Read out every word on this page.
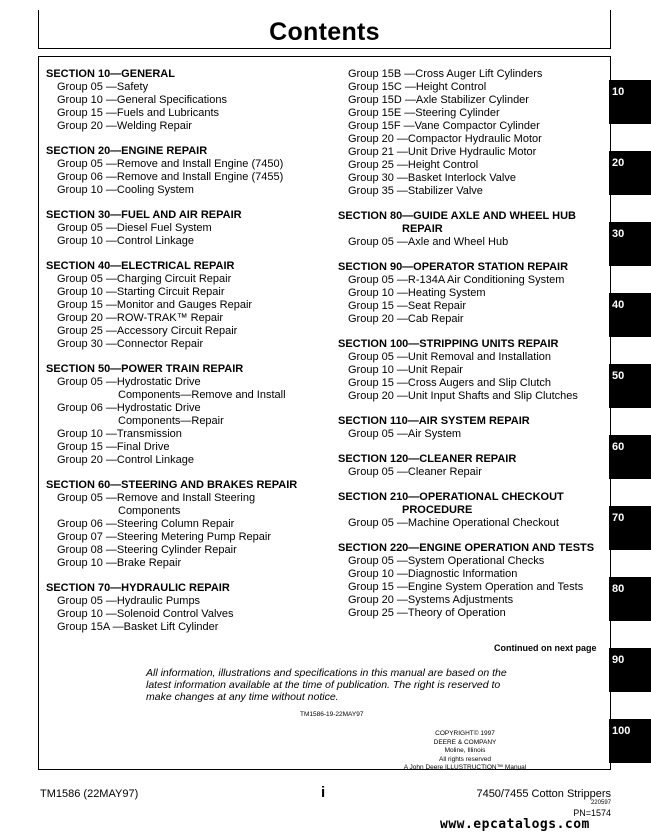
Contents
SECTION 10—GENERAL
Group 05 —Safety
Group 10 —General Specifications
Group 15 —Fuels and Lubricants
Group 20 —Welding Repair
SECTION 20—ENGINE REPAIR
Group 05 —Remove and Install Engine (7450)
Group 06 —Remove and Install Engine (7455)
Group 10 —Cooling System
SECTION 30—FUEL AND AIR REPAIR
Group 05 —Diesel Fuel System
Group 10 —Control Linkage
SECTION 40—ELECTRICAL REPAIR
Group 05 —Charging Circuit Repair
Group 10 —Starting Circuit Repair
Group 15 —Monitor and Gauges Repair
Group 20 —ROW-TRAK™ Repair
Group 25 —Accessory Circuit Repair
Group 30 —Connector Repair
SECTION 50—POWER TRAIN REPAIR
Group 05 —Hydrostatic Drive
Components—Remove and Install
Group 06 —Hydrostatic Drive
Components—Repair
Group 10 —Transmission
Group 15 —Final Drive
Group 20 —Control Linkage
SECTION 60—STEERING AND BRAKES REPAIR
Group 05 —Remove and Install Steering
Components
Group 06 —Steering Column Repair
Group 07 —Steering Metering Pump Repair
Group 08 —Steering Cylinder Repair
Group 10 —Brake Repair
SECTION 70—HYDRAULIC REPAIR
Group 05 —Hydraulic Pumps
Group 10 —Solenoid Control Valves
Group 15A —Basket Lift Cylinder
Group 15B —Cross Auger Lift Cylinders
Group 15C —Height Control
Group 15D —Axle Stabilizer Cylinder
Group 15E —Steering Cylinder
Group 15F —Vane Compactor Cylinder
Group 20 —Compactor Hydraulic Motor
Group 21 —Unit Drive Hydraulic Motor
Group 25 —Height Control
Group 30 —Basket Interlock Valve
Group 35 —Stabilizer Valve
SECTION 80—GUIDE AXLE AND WHEEL HUB
REPAIR
Group 05 —Axle and Wheel Hub
SECTION 90—OPERATOR STATION REPAIR
Group 05 —R-134A Air Conditioning System
Group 10 —Heating System
Group 15 —Seat Repair
Group 20 —Cab Repair
SECTION 100—STRIPPING UNITS REPAIR
Group 05 —Unit Removal and Installation
Group 10 —Unit Repair
Group 15 —Cross Augers and Slip Clutch
Group 20 —Unit Input Shafts and Slip Clutches
SECTION 110—AIR SYSTEM REPAIR
Group 05 —Air System
SECTION 120—CLEANER REPAIR
Group 05 —Cleaner Repair
SECTION 210—OPERATIONAL CHECKOUT
PROCEDURE
Group 05 —Machine Operational Checkout
SECTION 220—ENGINE OPERATION AND TESTS
Group 05 —System Operational Checks
Group 10 —Diagnostic Information
Group 15 —Engine System Operation and Tests
Group 20 —Systems Adjustments
Group 25 —Theory of Operation
Continued on next page
All information, illustrations and specifications in this manual are based on the latest information available at the time of publication. The right is reserved to make changes at any time without notice.
TM1586-19-22MAY97
COPYRIGHT© 1997
DEERE & COMPANY
Moline, Illinois
All rights reserved
A John Deere ILLUSTRUCTION™ Manual
10
20
30
40
50
60
70
80
90
100
TM1586 (22MAY97)	i	7450/7455 Cotton Strippers
220597
PN=1574
www.epcatalogs.com
